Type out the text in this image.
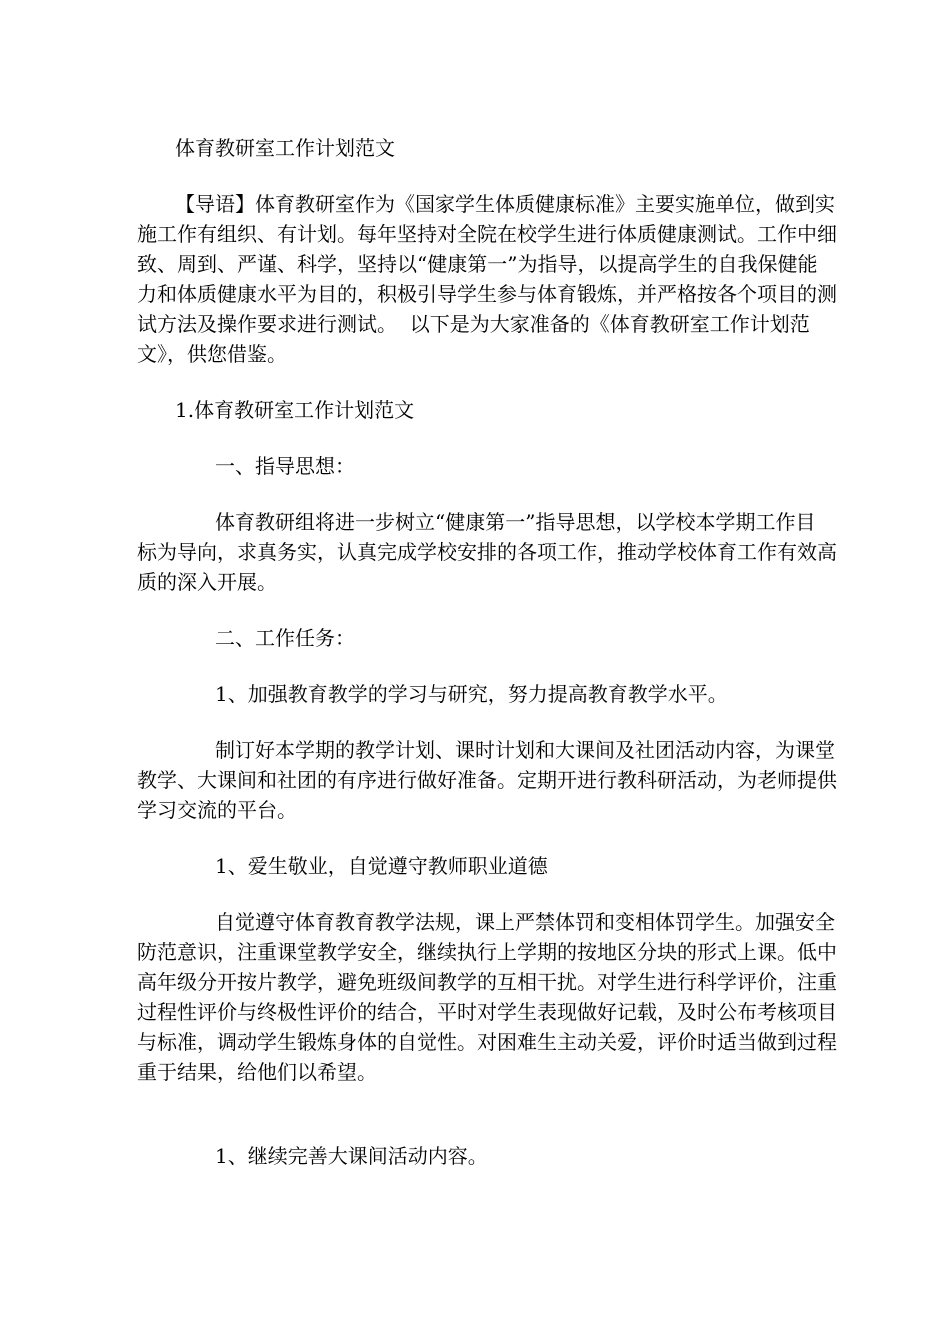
体育教研室工作计划范文

【导语】体育教研室作为《国家学生体质健康标准》主要实施单位，做到实

施工作有组织、有计划。每年坚持对全院在校学生进行体质健康测试。工作中细

致、周到、严谨、科学，坚持以“健康第一”为指导，以提高学生的自我保健能

力和体质健康水平为目的，积极引导学生参与体育锻炼，并严格按各个项目的测

试方法及操作要求进行测试。  以下是为大家准备的《体育教研室工作计划范

文》，供您借鉴。

1.体育教研室工作计划范文

一、指导思想：

体育教研组将进一步树立“健康第一”指导思想，以学校本学期工作目

标为导向，求真务实，认真完成学校安排的各项工作，推动学校体育工作有效高

质的深入开展。

二、工作任务：

1、加强教育教学的学习与研究，努力提高教育教学水平。

制订好本学期的教学计划、课时计划和大课间及社团活动内容，为课堂

教学、大课间和社团的有序进行做好准备。定期开进行教科研活动，为老师提供

学习交流的平台。

1、爱生敬业，自觉遵守教师职业道德

自觉遵守体育教育教学法规，课上严禁体罚和变相体罚学生。加强安全

防范意识，注重课堂教学安全，继续执行上学期的按地区分块的形式上课。低中

高年级分开按片教学，避免班级间教学的互相干扰。对学生进行科学评价，注重

过程性评价与终极性评价的结合，平时对学生表现做好记载，及时公布考核项目

与标准，调动学生锻炼身体的自觉性。对困难生主动关爱，评价时适当做到过程

重于结果，给他们以希望。

1、继续完善大课间活动内容。
